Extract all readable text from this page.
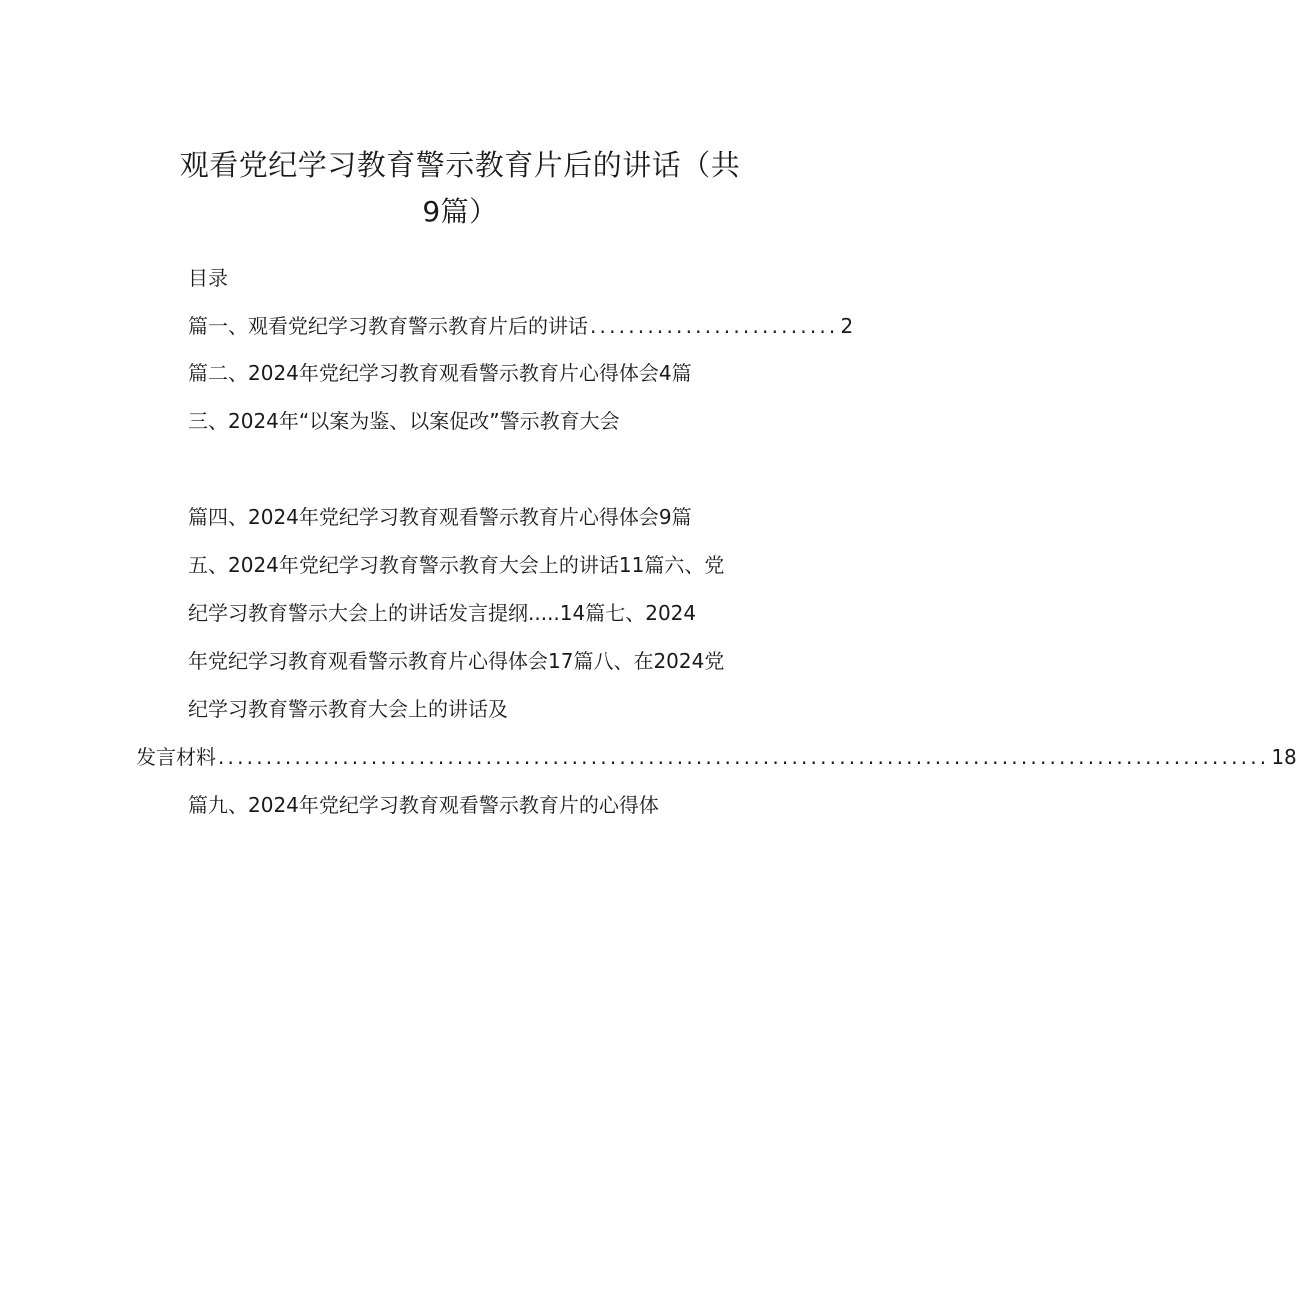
观看党纪学习教育警示教育片后的讲话（共
9篇）
目录
篇一、观看党纪学习教育警示教育片后的讲话 .......................... 2
篇二、2024年党纪学习教育观看警示教育片心得体会4篇
三、2024年“以案为鉴、以案促改”警示教育大会
篇四、2024年党纪学习教育观看警示教育片心得体会9篇
五、2024年党纪学习教育警示教育大会上的讲话11篇六、党
纪学习教育警示大会上的讲话发言提纲.....14篇七、2024
年党纪学习教育观看警示教育片心得体会17篇八、在2024党
纪学习教育警示教育大会上的讲话及
发言材料 .............................................................................................................. 18
篇九、2024年党纪学习教育观看警示教育片的心得体
